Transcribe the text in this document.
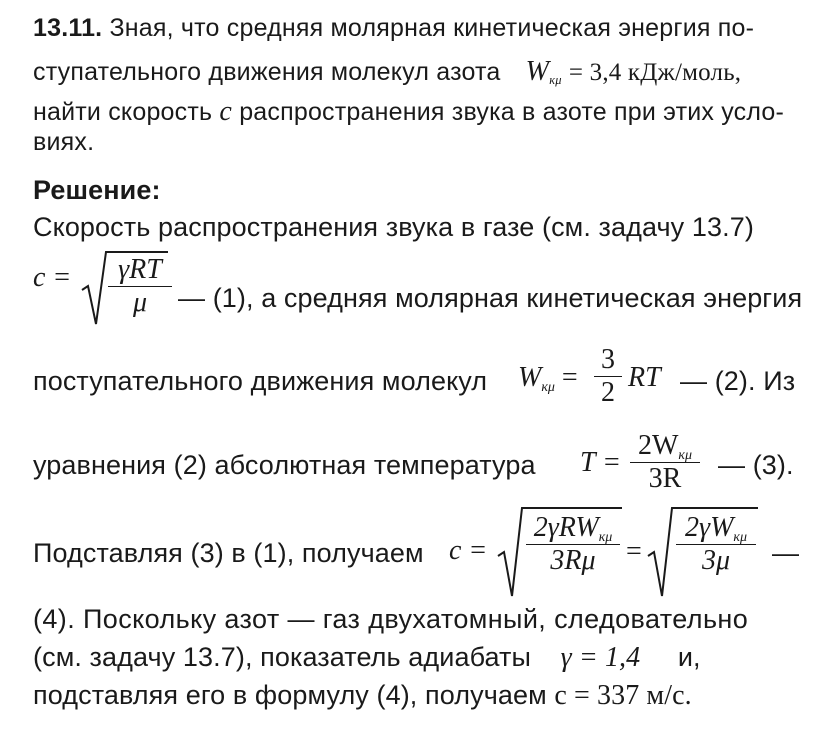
13.11. Зная, что средняя молярная кинетическая энергия по-
ступательного движения молекул азота Wкμ = 3,4 кДж/моль,
найти скорость c распространения звука в азоте при этих усло-
виях.
Решение:
Скорость распространения звука в газе (см. задачу 13.7)
$c = \frac{\text{γRT}}{\mu}$ — (1), а средняя молярная кинетическая энергия
поступательного движения молекул $Wк\mu = \frac{3}{2}$ RT — (2). Из
уравнения (2) абсолютная температура $T = \frac{\text{2Wкμ}}{3R}$ — (3).
Подставляя (3) в (1), получаем $c = \frac{\text{2γRWкμ}}{3R\mu} = \frac{\text{2γWкμ}}{3\mu}$ —
(4). Поскольку азот — газ двухатомный, следовательно
(см. задачу 13.7), показатель адиабаты γ = 1,4 и,
подставляя его в формулу (4), получаем c = 337 м/с.
